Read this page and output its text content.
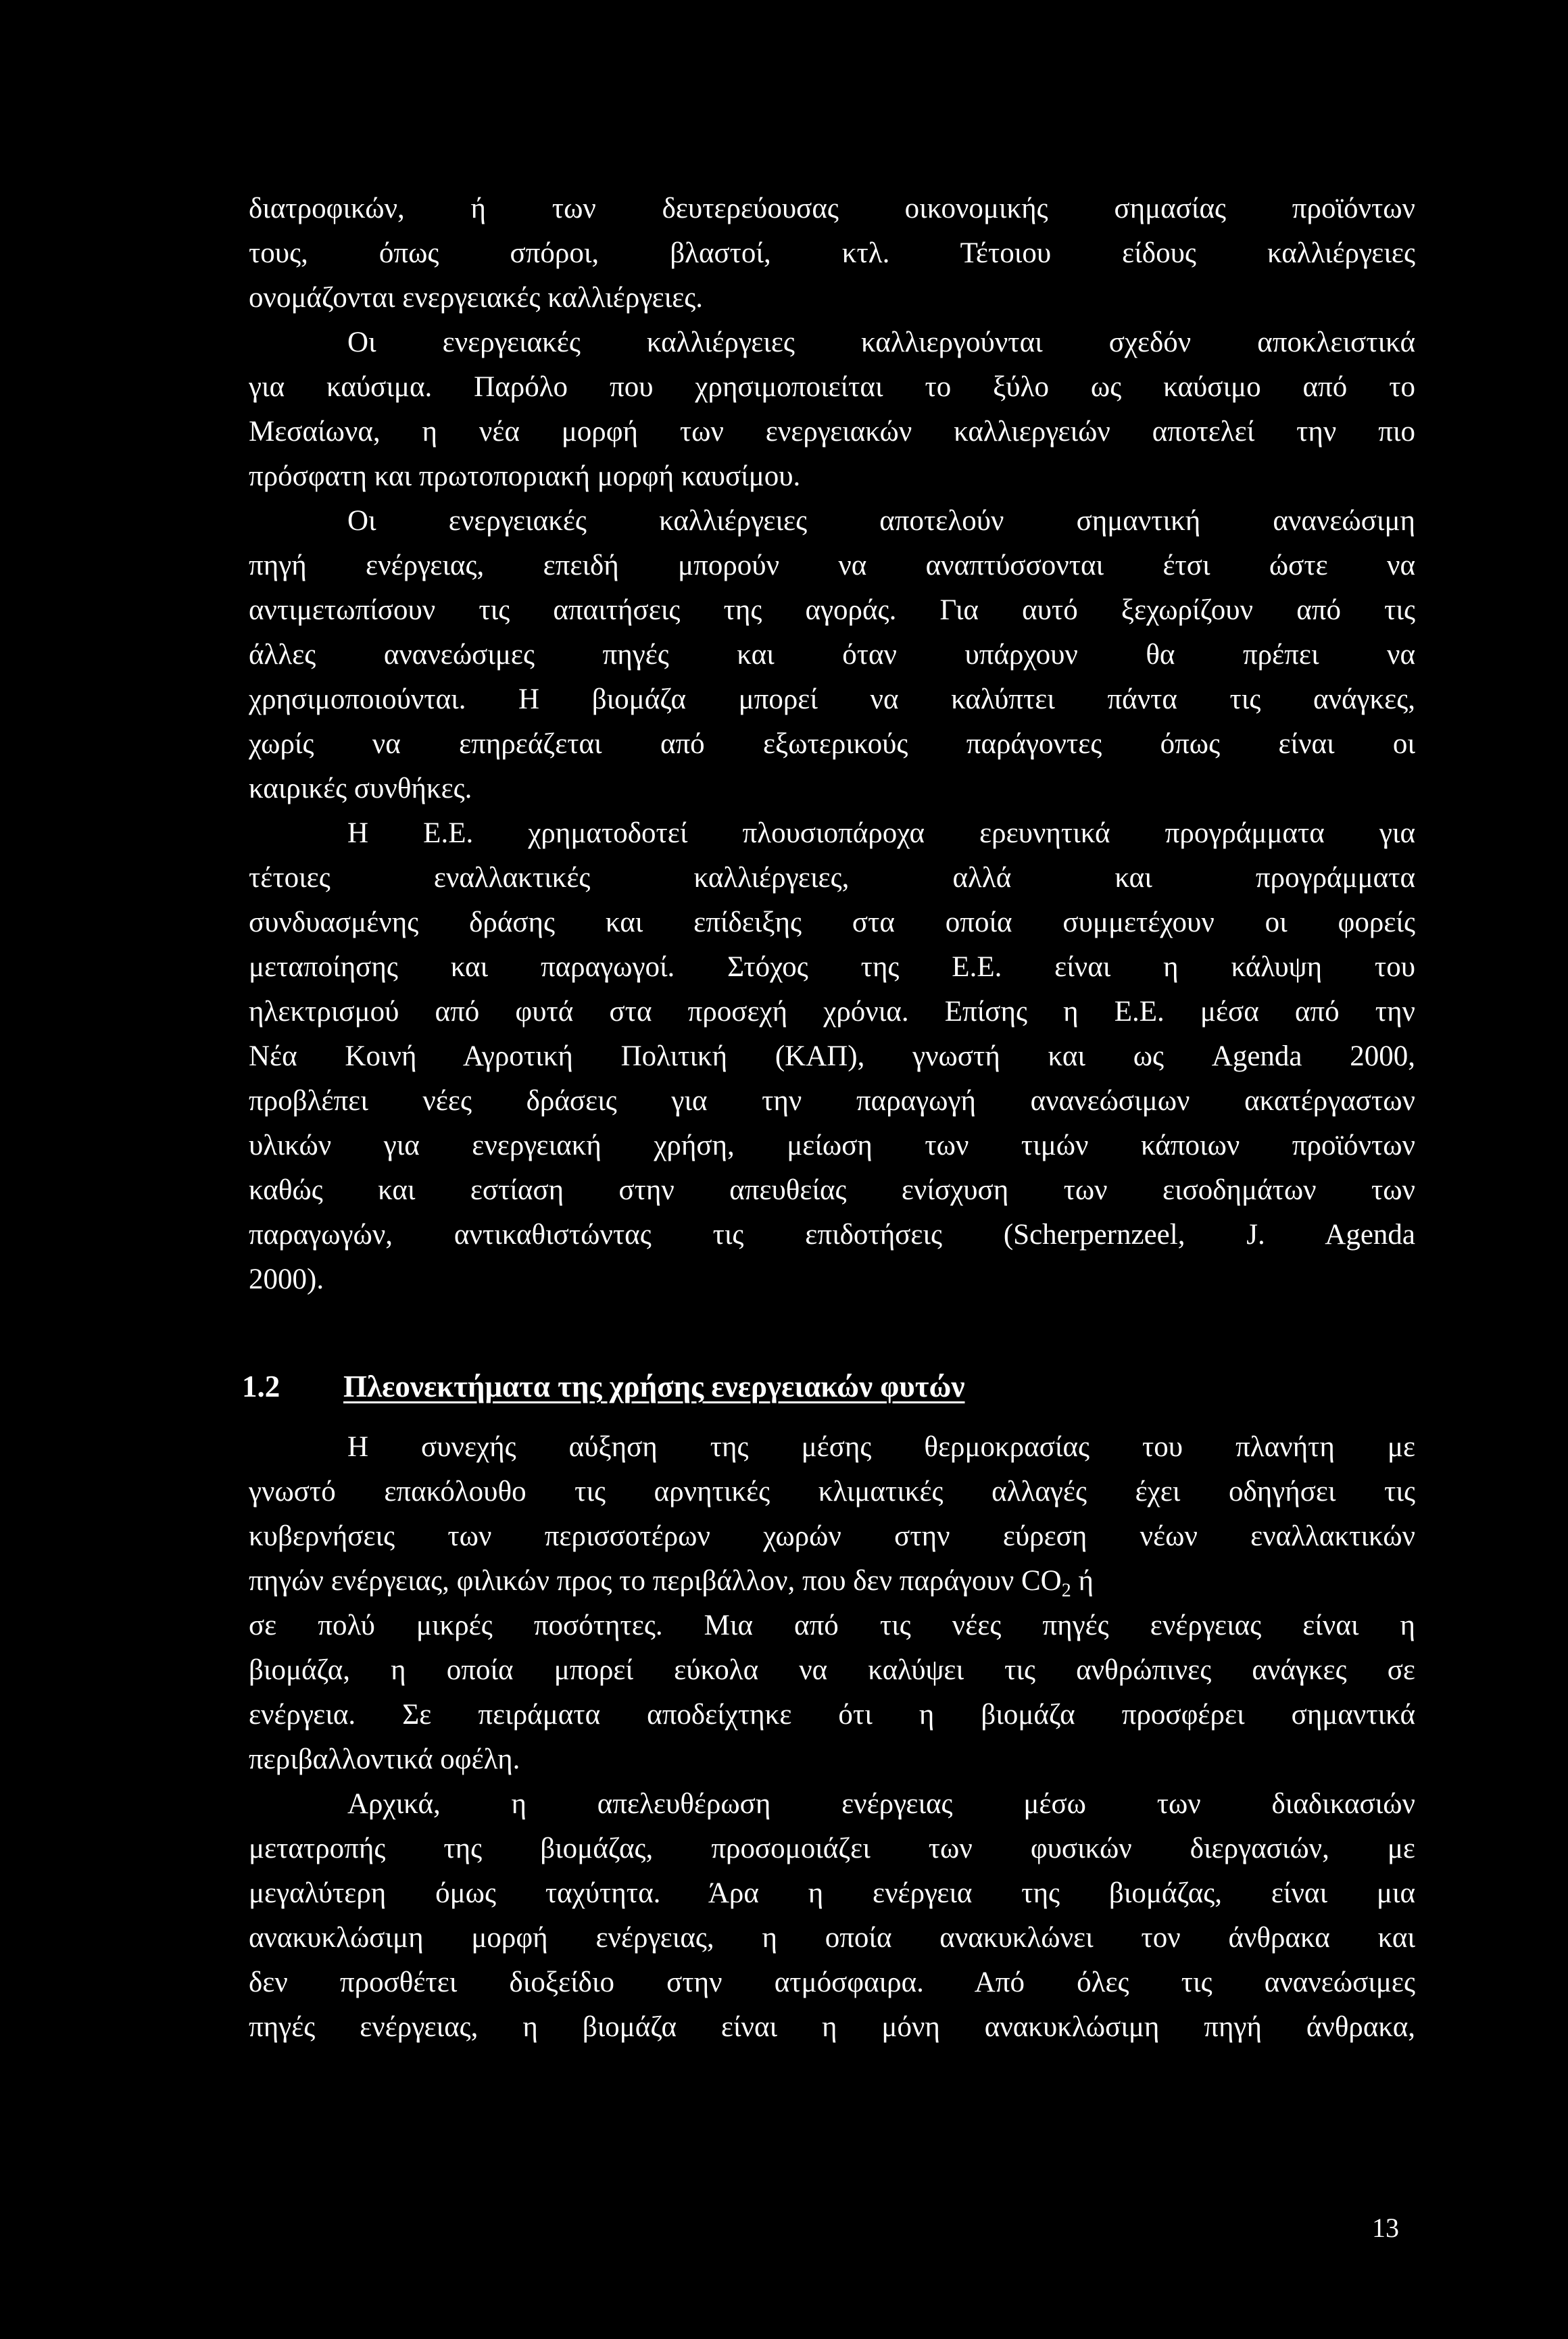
διατροφικών, ή των δευτερεύουσας οικονομικής σημασίας προϊόντων
τους, όπως σπόροι, βλαστοί, κτλ. Τέτοιου είδους καλλιέργειες
ονομάζονται ενεργειακές καλλιέργειες.
Οι ενεργειακές καλλιέργειες καλλιεργούνται σχεδόν αποκλειστικά
για καύσιμα. Παρόλο που χρησιμοποιείται το ξύλο ως καύσιμο από το
Μεσαίωνα, η νέα μορφή των ενεργειακών καλλιεργειών αποτελεί την πιο
πρόσφατη και πρωτοποριακή μορφή καυσίμου.
Οι ενεργειακές καλλιέργειες αποτελούν σημαντική ανανεώσιμη
πηγή ενέργειας, επειδή μπορούν να αναπτύσσονται έτσι ώστε να
αντιμετωπίσουν τις απαιτήσεις της αγοράς. Για αυτό ξεχωρίζουν από τις
άλλες ανανεώσιμες πηγές και όταν υπάρχουν θα πρέπει να
χρησιμοποιούνται. Η βιομάζα μπορεί να καλύπτει πάντα τις ανάγκες,
χωρίς να επηρεάζεται από εξωτερικούς παράγοντες όπως είναι οι
καιρικές συνθήκες.
Η Ε.Ε. χρηματοδοτεί πλουσιοπάροχα ερευνητικά προγράμματα για
τέτοιες εναλλακτικές καλλιέργειες, αλλά και προγράμματα
συνδυασμένης δράσης και επίδειξης στα οποία συμμετέχουν οι φορείς
μεταποίησης και παραγωγοί. Στόχος της Ε.Ε. είναι η κάλυψη του
ηλεκτρισμού από φυτά στα προσεχή χρόνια. Επίσης η Ε.Ε. μέσα από την
Νέα Κοινή Αγροτική Πολιτική (ΚΑΠ), γνωστή και ως Agenda 2000,
προβλέπει νέες δράσεις για την παραγωγή ανανεώσιμων ακατέργαστων
υλικών για ενεργειακή χρήση, μείωση των τιμών κάποιων προϊόντων
καθώς και εστίαση στην απευθείας ενίσχυση των εισοδημάτων των
παραγωγών, αντικαθιστώντας τις επιδοτήσεις (Scherpernzeel, J. Agenda
2000).
1.2 Πλεονεκτήματα της χρήσης ενεργειακών φυτών
Η συνεχής αύξηση της μέσης θερμοκρασίας του πλανήτη με
γνωστό επακόλουθο τις αρνητικές κλιματικές αλλαγές έχει οδηγήσει τις
κυβερνήσεις των περισσοτέρων χωρών στην εύρεση νέων εναλλακτικών
πηγών ενέργειας, φιλικών προς το περιβάλλον, που δεν παράγουν $CO_2$ ή
σε πολύ μικρές ποσότητες. Μια από τις νέες πηγές ενέργειας είναι η
βιομάζα, η οποία μπορεί εύκολα να καλύψει τις ανθρώπινες ανάγκες σε
ενέργεια. Σε πειράματα αποδείχτηκε ότι η βιομάζα προσφέρει σημαντικά
περιβαλλοντικά οφέλη.
Αρχικά, η απελευθέρωση ενέργειας μέσω των διαδικασιών
μετατροπής της βιομάζας, προσομοιάζει των φυσικών διεργασιών, με
μεγαλύτερη όμως ταχύτητα. Άρα η ενέργεια της βιομάζας, είναι μια
ανακυκλώσιμη μορφή ενέργειας, η οποία ανακυκλώνει τον άνθρακα και
δεν προσθέτει διοξείδιο στην ατμόσφαιρα. Από όλες τις ανανεώσιμες
πηγές ενέργειας, η βιομάζα είναι η μόνη ανακυκλώσιμη πηγή άνθρακα,
13
